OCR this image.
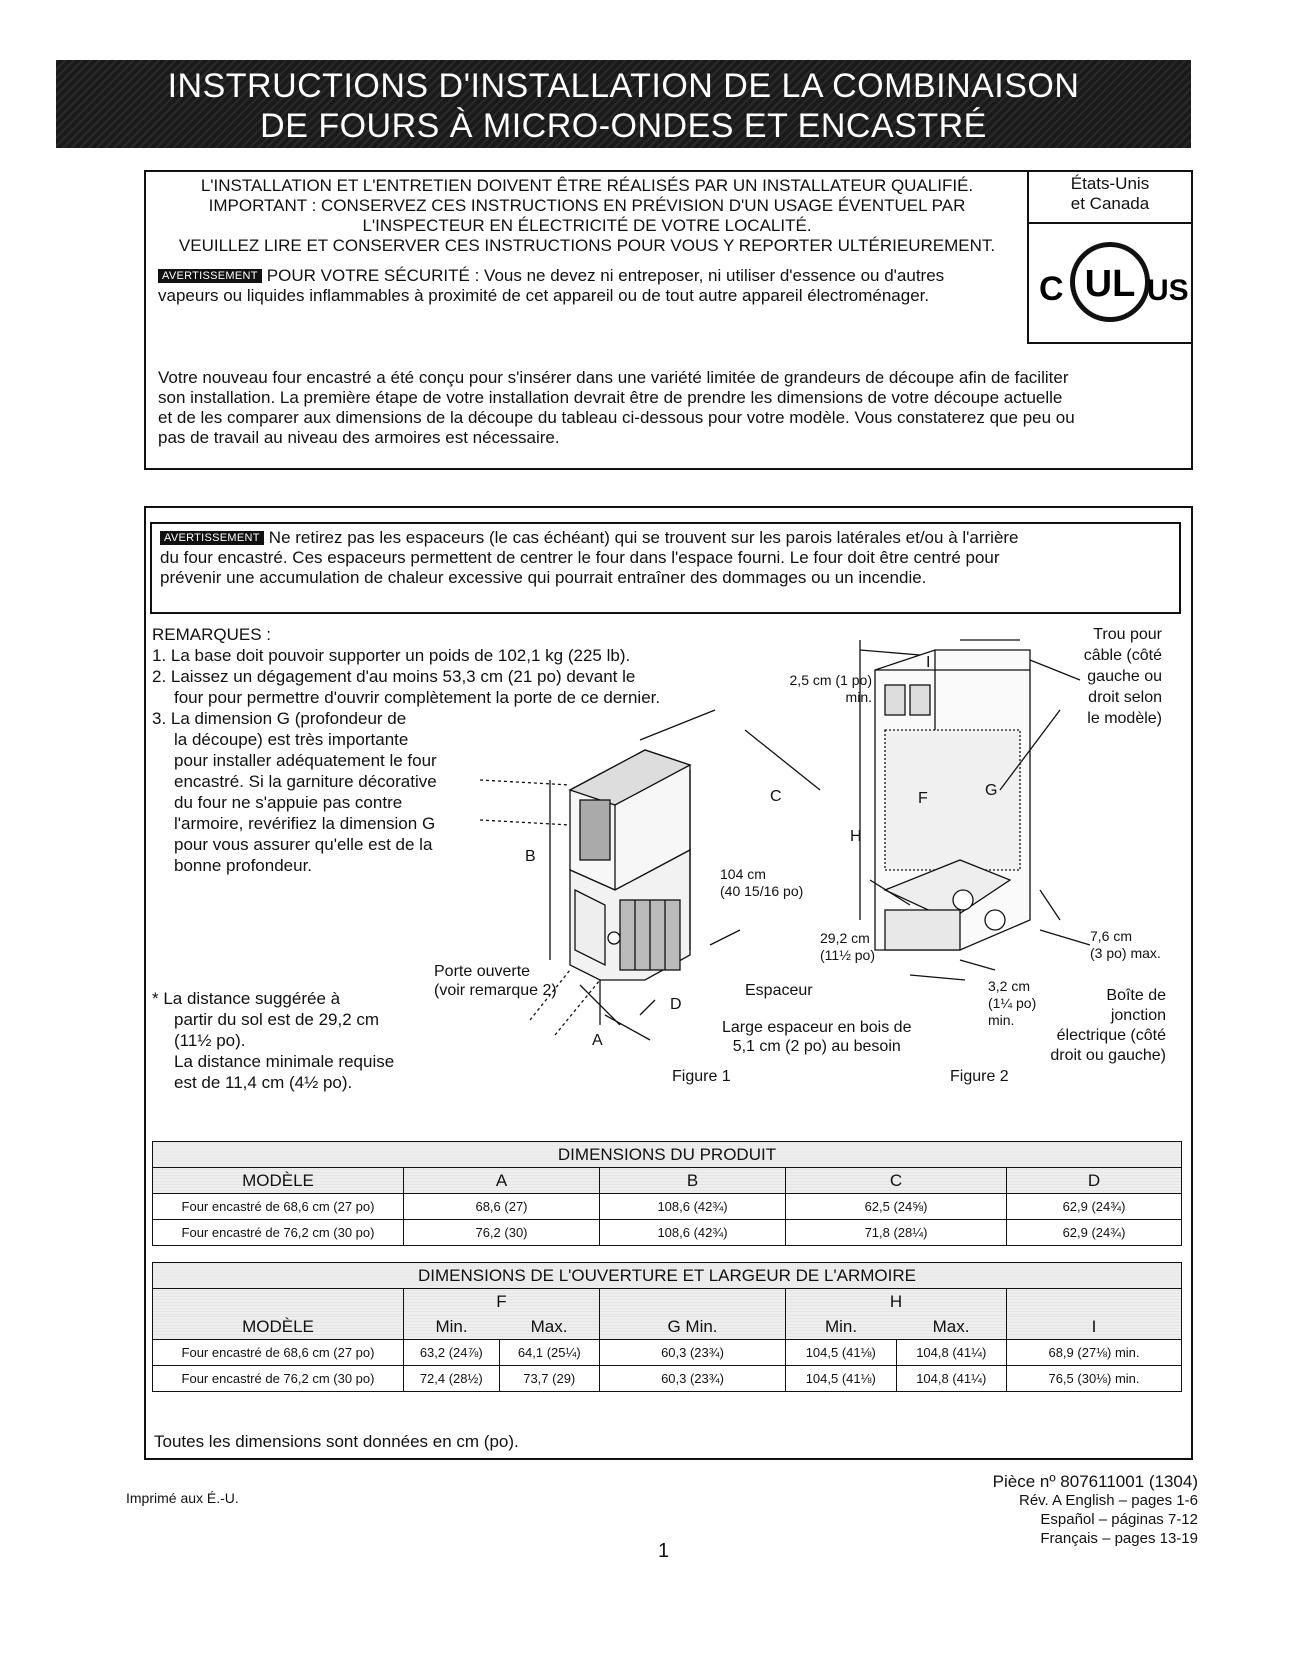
INSTRUCTIONS D'INSTALLATION DE LA COMBINAISON
DE FOURS À MICRO-ONDES ET ENCASTRÉ
L'INSTALLATION ET L'ENTRETIEN DOIVENT ÊTRE RÉALISÉS PAR UN INSTALLATEUR QUALIFIÉ.
IMPORTANT : CONSERVEZ CES INSTRUCTIONS EN PRÉVISION D'UN USAGE ÉVENTUEL PAR
L'INSPECTEUR EN ÉLECTRICITÉ DE VOTRE LOCALITÉ.
VEUILLEZ LIRE ET CONSERVER CES INSTRUCTIONS POUR VOUS Y REPORTER ULTÉRIEUREMENT.
AVERTISSEMENT POUR VOTRE SÉCURITÉ : Vous ne devez ni entreposer, ni utiliser d'essence ou d'autres
vapeurs ou liquides inflammables à proximité de cet appareil ou de tout autre appareil électroménager.
Votre nouveau four encastré a été conçu pour s'insérer dans une variété limitée de grandeurs de découpe afin de faciliter
son installation. La première étape de votre installation devrait être de prendre les dimensions de votre découpe actuelle
et de les comparer aux dimensions de la découpe du tableau ci-dessous pour votre modèle. Vous constaterez que peu ou
pas de travail au niveau des armoires est nécessaire.
États-Unis
et Canada
C UL US
AVERTISSEMENT Ne retirez pas les espaceurs (le cas échéant) qui se trouvent sur les parois latérales et/ou à l'arrière
du four encastré. Ces espaceurs permettent de centrer le four dans l'espace fourni. Le four doit être centré pour
prévenir une accumulation de chaleur excessive qui pourrait entraîner des dommages ou un incendie.
REMARQUES :
1. La base doit pouvoir supporter un poids de 102,1 kg (225 lb).
2. Laissez un dégagement d'au moins 53,3 cm (21 po) devant le
four pour permettre d'ouvrir complètement la porte de ce dernier.
3. La dimension G (profondeur de
la découpe) est très importante
pour installer adéquatement le four
encastré. Si la garniture décorative
du four ne s'appuie pas contre
l'armoire, revérifiez la dimension G
pour vous assurer qu'elle est de la
bonne profondeur.
* La distance suggérée à
partir du sol est de 29,2 cm
(11½ po).
La distance minimale requise
est de 11,4 cm (4½ po).
B
C
D
A
104 cm
(40 15/16 po)
Porte ouverte
(voir remarque 2)	Espaceur
Large espaceur en bois de
5,1 cm (2 po) au besoin
Figure 1
I
F	G
H
2,5 cm (1 po)
min.
Trou pour
câble (côté
gauche ou
droit selon
le modèle)
29,2 cm
(11½ po)
7,6 cm
(3 po) max.
3,2 cm
(1¼ po)
min.
Boîte de
jonction
électrique (côté
droit ou gauche)
Figure 2
DIMENSIONS DU PRODUIT				
MODÈLE	A	B	C	D
Four encastré de 68,6 cm (27 po)	68,6 (27)	108,6 (42¾)	62,5 (24⅝)	62,9 (24¾)
Four encastré de 76,2 cm (30 po)	76,2 (30)	108,6 (42¾)	71,8 (28¼)	62,9 (24¾)
DIMENSIONS DE L'OUVERTURE ET LARGEUR DE L'ARMOIRE						
MODÈLE	F		G Min.	H		I
	Min.	Max.		Min.	Max.	
Four encastré de 68,6 cm (27 po)	63,2 (24⅞)	64,1 (25¼)	60,3 (23¾)	104,5 (41⅛)	104,8 (41¼)	68,9 (27⅛) min.
Four encastré de 76,2 cm (30 po)	72,4 (28½)	73,7 (29)	60,3 (23¾)	104,5 (41⅛)	104,8 (41¼)	76,5 (30⅛) min.
Toutes les dimensions sont données en cm (po).
Imprimé aux É.-U.
1
Pièce nº 807611001 (1304)
Rév. A English – pages 1-6
Español – páginas 7-12
Français – pages 13-19
